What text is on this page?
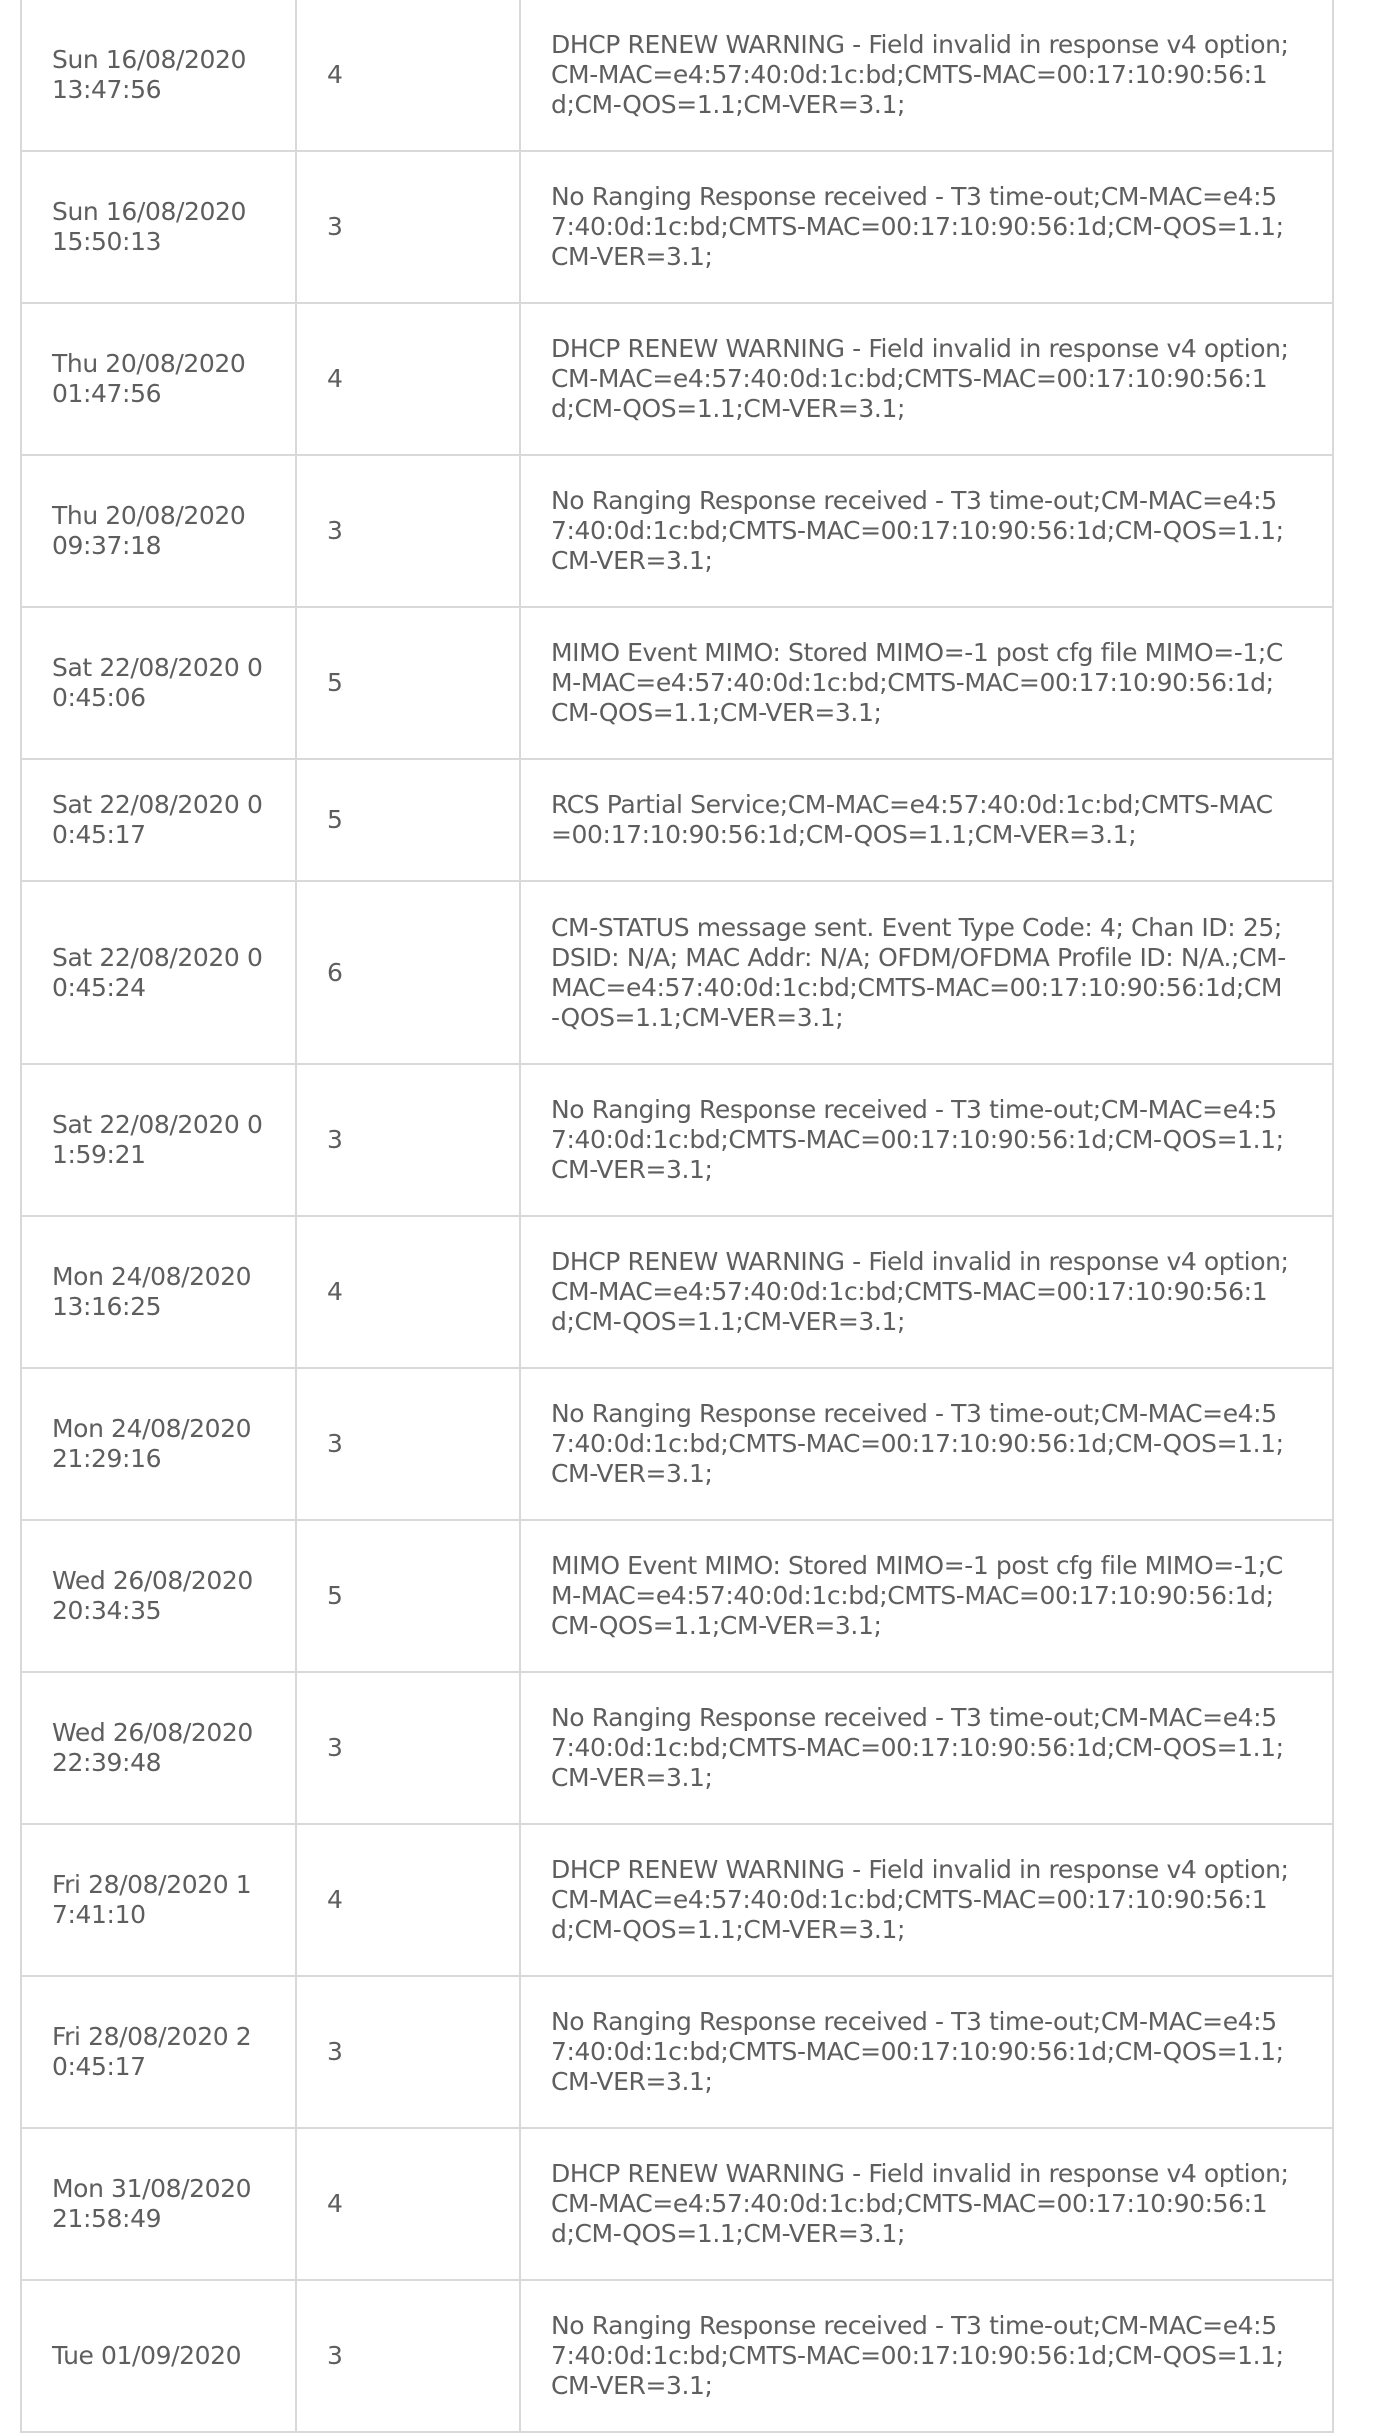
Sun 16/08/2020 13:47:56	4	DHCP RENEW WARNING - Field invalid in response v4 option;CM-MAC=e4:57:40:0d:1c:bd;CMTS-MAC=00:17:10:90:56:1d;CM-QOS=1.1;CM-VER=3.1;
Sun 16/08/2020 15:50:13	3	No Ranging Response received - T3 time-out;CM-MAC=e4:57:40:0d:1c:bd;CMTS-MAC=00:17:10:90:56:1d;CM-QOS=1.1;CM-VER=3.1;
Thu 20/08/2020 01:47:56	4	DHCP RENEW WARNING - Field invalid in response v4 option;CM-MAC=e4:57:40:0d:1c:bd;CMTS-MAC=00:17:10:90:56:1d;CM-QOS=1.1;CM-VER=3.1;
Thu 20/08/2020 09:37:18	3	No Ranging Response received - T3 time-out;CM-MAC=e4:57:40:0d:1c:bd;CMTS-MAC=00:17:10:90:56:1d;CM-QOS=1.1;CM-VER=3.1;
Sat 22/08/2020 00:45:06	5	MIMO Event MIMO: Stored MIMO=-1 post cfg file MIMO=-1;CM-MAC=e4:57:40:0d:1c:bd;CMTS-MAC=00:17:10:90:56:1d;CM-QOS=1.1;CM-VER=3.1;
Sat 22/08/2020 00:45:17	5	RCS Partial Service;CM-MAC=e4:57:40:0d:1c:bd;CMTS-MAC=00:17:10:90:56:1d;CM-QOS=1.1;CM-VER=3.1;
Sat 22/08/2020 00:45:24	6	CM-STATUS message sent. Event Type Code: 4; Chan ID: 25; DSID: N/A; MAC Addr: N/A; OFDM/OFDMA Profile ID: N/A.;CM-MAC=e4:57:40:0d:1c:bd;CMTS-MAC=00:17:10:90:56:1d;CM-QOS=1.1;CM-VER=3.1;
Sat 22/08/2020 01:59:21	3	No Ranging Response received - T3 time-out;CM-MAC=e4:57:40:0d:1c:bd;CMTS-MAC=00:17:10:90:56:1d;CM-QOS=1.1;CM-VER=3.1;
Mon 24/08/2020 13:16:25	4	DHCP RENEW WARNING - Field invalid in response v4 option;CM-MAC=e4:57:40:0d:1c:bd;CMTS-MAC=00:17:10:90:56:1d;CM-QOS=1.1;CM-VER=3.1;
Mon 24/08/2020 21:29:16	3	No Ranging Response received - T3 time-out;CM-MAC=e4:57:40:0d:1c:bd;CMTS-MAC=00:17:10:90:56:1d;CM-QOS=1.1;CM-VER=3.1;
Wed 26/08/2020 20:34:35	5	MIMO Event MIMO: Stored MIMO=-1 post cfg file MIMO=-1;CM-MAC=e4:57:40:0d:1c:bd;CMTS-MAC=00:17:10:90:56:1d;CM-QOS=1.1;CM-VER=3.1;
Wed 26/08/2020 22:39:48	3	No Ranging Response received - T3 time-out;CM-MAC=e4:57:40:0d:1c:bd;CMTS-MAC=00:17:10:90:56:1d;CM-QOS=1.1;CM-VER=3.1;
Fri 28/08/2020 17:41:10	4	DHCP RENEW WARNING - Field invalid in response v4 option;CM-MAC=e4:57:40:0d:1c:bd;CMTS-MAC=00:17:10:90:56:1d;CM-QOS=1.1;CM-VER=3.1;
Fri 28/08/2020 20:45:17	3	No Ranging Response received - T3 time-out;CM-MAC=e4:57:40:0d:1c:bd;CMTS-MAC=00:17:10:90:56:1d;CM-QOS=1.1;CM-VER=3.1;
Mon 31/08/2020 21:58:49	4	DHCP RENEW WARNING - Field invalid in response v4 option;CM-MAC=e4:57:40:0d:1c:bd;CMTS-MAC=00:17:10:90:56:1d;CM-QOS=1.1;CM-VER=3.1;
Tue 01/09/2020	3	No Ranging Response received - T3 time-out;CM-MAC=e4:57:40:0d:1c:bd;CMTS-MAC=00:17:10:90:56:1d;CM-QOS=1.1;CM-VER=3.1;
